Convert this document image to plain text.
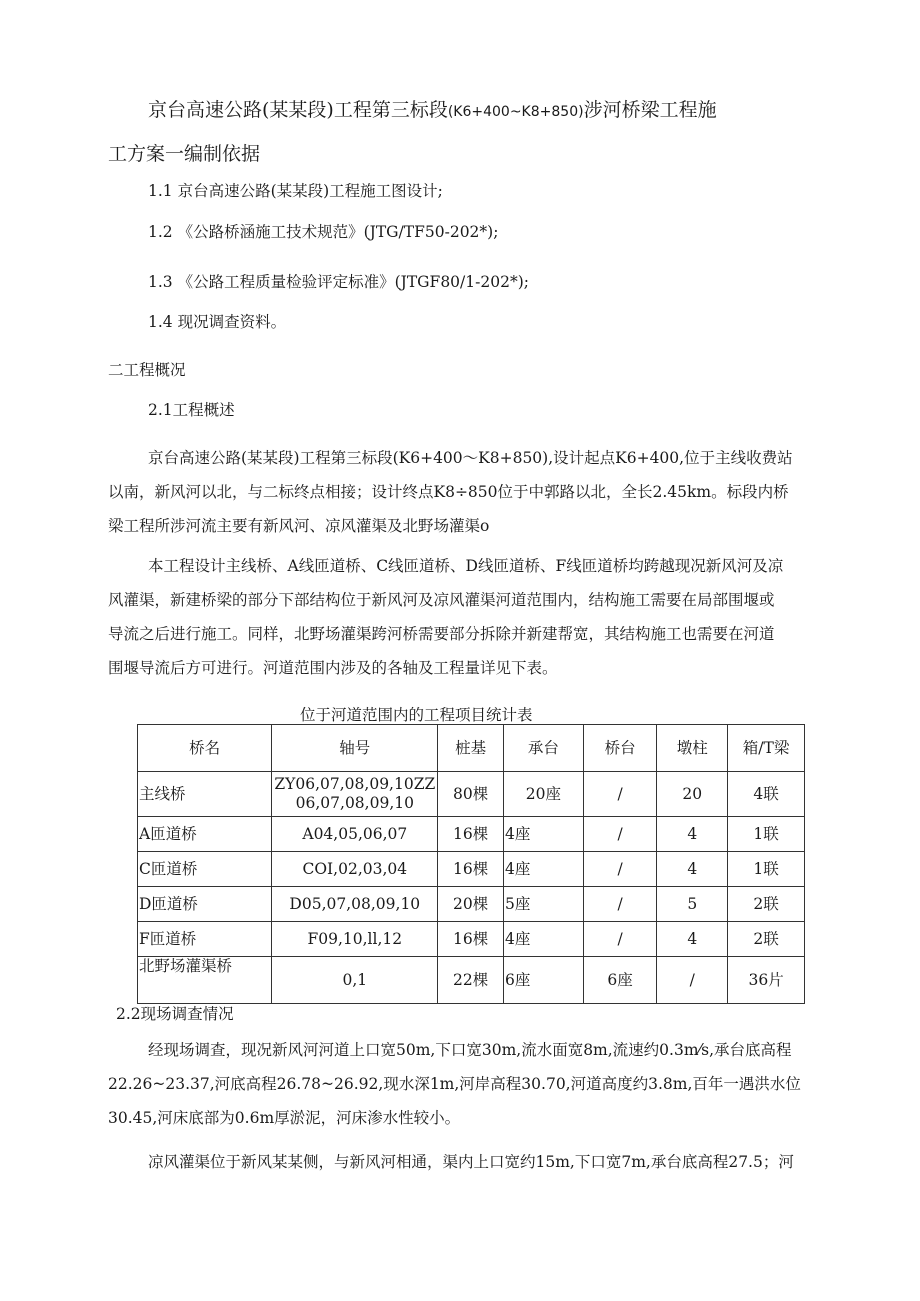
京台高速公路(某某段)工程第三标段(K6+400~K8+850)涉河桥梁工程施
工方案一编制依据
1.1 京台高速公路(某某段)工程施工图设计;
1.2 《公路桥涵施工技术规范》(JTG/TF50-202*);
1.3 《公路工程质量检验评定标准》(JTGF80/1-202*);
1.4 现况调查资料。
二工程概况
2.1工程概述
京台高速公路(某某段)工程第三标段(K6+400〜K8+850),设计起点K6+400,位于主线收费站
以南，新风河以北，与二标终点相接；设计终点K8÷850位于中郭路以北，全长2.45km。标段内桥
梁工程所涉河流主要有新风河、凉风灌渠及北野场灌渠o
本工程设计主线桥、A线匝道桥、C线匝道桥、D线匝道桥、F线匝道桥均跨越现况新风河及凉
风灌渠，新建桥梁的部分下部结构位于新风河及凉风灌渠河道范围内，结构施工需要在局部围堰或
导流之后进行施工。同样，北野场灌渠跨河桥需要部分拆除并新建帮宽，其结构施工也需要在河道
围堰导流后方可进行。河道范围内涉及的各轴及工程量详见下表。
位于河道范围内的工程项目统计表
桥名	轴号	桩基	承台	桥台	墩柱	箱/T梁
主线桥	ZY06,07,08,09,10ZZ
06,07,08,09,10	80棵	20座	/	20	4联
A匝道桥	A04,05,06,07	16棵	4座	/	4	1联
C匝道桥	COI,02,03,04	16棵	4座	/	4	1联
D匝道桥	D05,07,08,09,10	20棵	5座	/	5	2联
F匝道桥	F09,10,ll,12	16棵	4座	/	4	2联
北野场灌渠桥	0,1	22棵	6座	6座	/	36片
2.2现场调查情况
经现场调查，现况新风河河道上口宽50m,下口宽30m,流水面宽8m,流速约0.3m⁄s,承台底高程
22.26~23.37,河底高程26.78~26.92,现水深1m,河岸高程30.70,河道高度约3.8m,百年一遇洪水位
30.45,河床底部为0.6m厚淤泥，河床渗水性较小。
凉风灌渠位于新风某某侧，与新风河相通，渠内上口宽约15m,下口宽7m,承台底高程27.5；河
